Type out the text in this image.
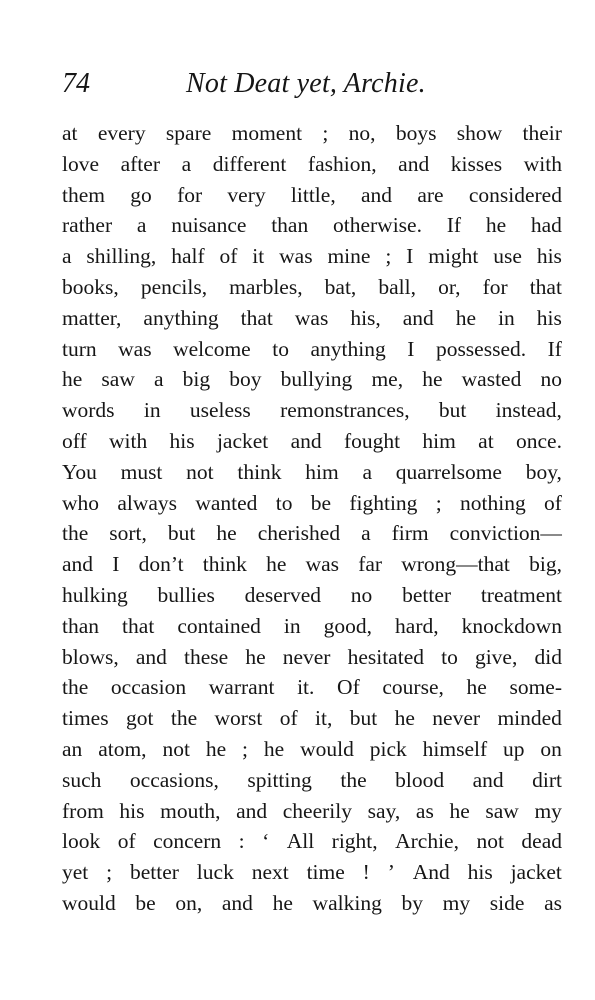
74	Not Deat yet, Archie.
at every spare moment ; no, boys show their
love after a different fashion, and kisses with
them go for very little, and are considered
rather a nuisance than otherwise. If he had
a shilling, half of it was mine ; I might use his
books, pencils, marbles, bat, ball, or, for that
matter, anything that was his, and he in his
turn was welcome to anything I possessed. If
he saw a big boy bullying me, he wasted no
words in useless remonstrances, but instead,
off with his jacket and fought him at once.
You must not think him a quarrelsome boy,
who always wanted to be fighting ; nothing of
the sort, but he cherished a firm conviction—
and I don’t think he was far wrong—that big,
hulking bullies deserved no better treatment
than that contained in good, hard, knockdown
blows, and these he never hesitated to give, did
the occasion warrant it. Of course, he some-
times got the worst of it, but he never minded
an atom, not he ; he would pick himself up on
such occasions, spitting the blood and dirt
from his mouth, and cheerily say, as he saw my
look of concern : ‘ All right, Archie, not dead
yet ; better luck next time ! ’ And his jacket
would be on, and he walking by my side as
